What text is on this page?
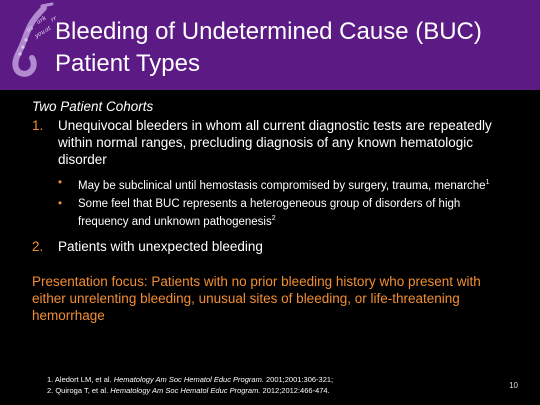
ark
as at
you
rr
Bleeding of Undetermined Cause (BUC)
Patient Types
Two Patient Cohorts
1. Unequivocal bleeders in whom all current diagnostic tests are repeatedly within normal ranges, precluding diagnosis of any known hematologic disorder
• May be subclinical until hemostasis compromised by surgery, trauma, menarche$^1$
• Some feel that BUC represents a heterogeneous group of disorders of high frequency and unknown pathogenesis$^2$
2. Patients with unexpected bleeding
Presentation focus: Patients with no prior bleeding history who present with either unrelenting bleeding, unusual sites of bleeding, or life-threatening hemorrhage
1. Aledort LM, et al. Hematology Am Soc Hematol Educ Program. 2001;2001:306-321;
2. Quiroga T, et al. Hematology Am Soc Hematol Educ Program. 2012;2012:466-474.
10
